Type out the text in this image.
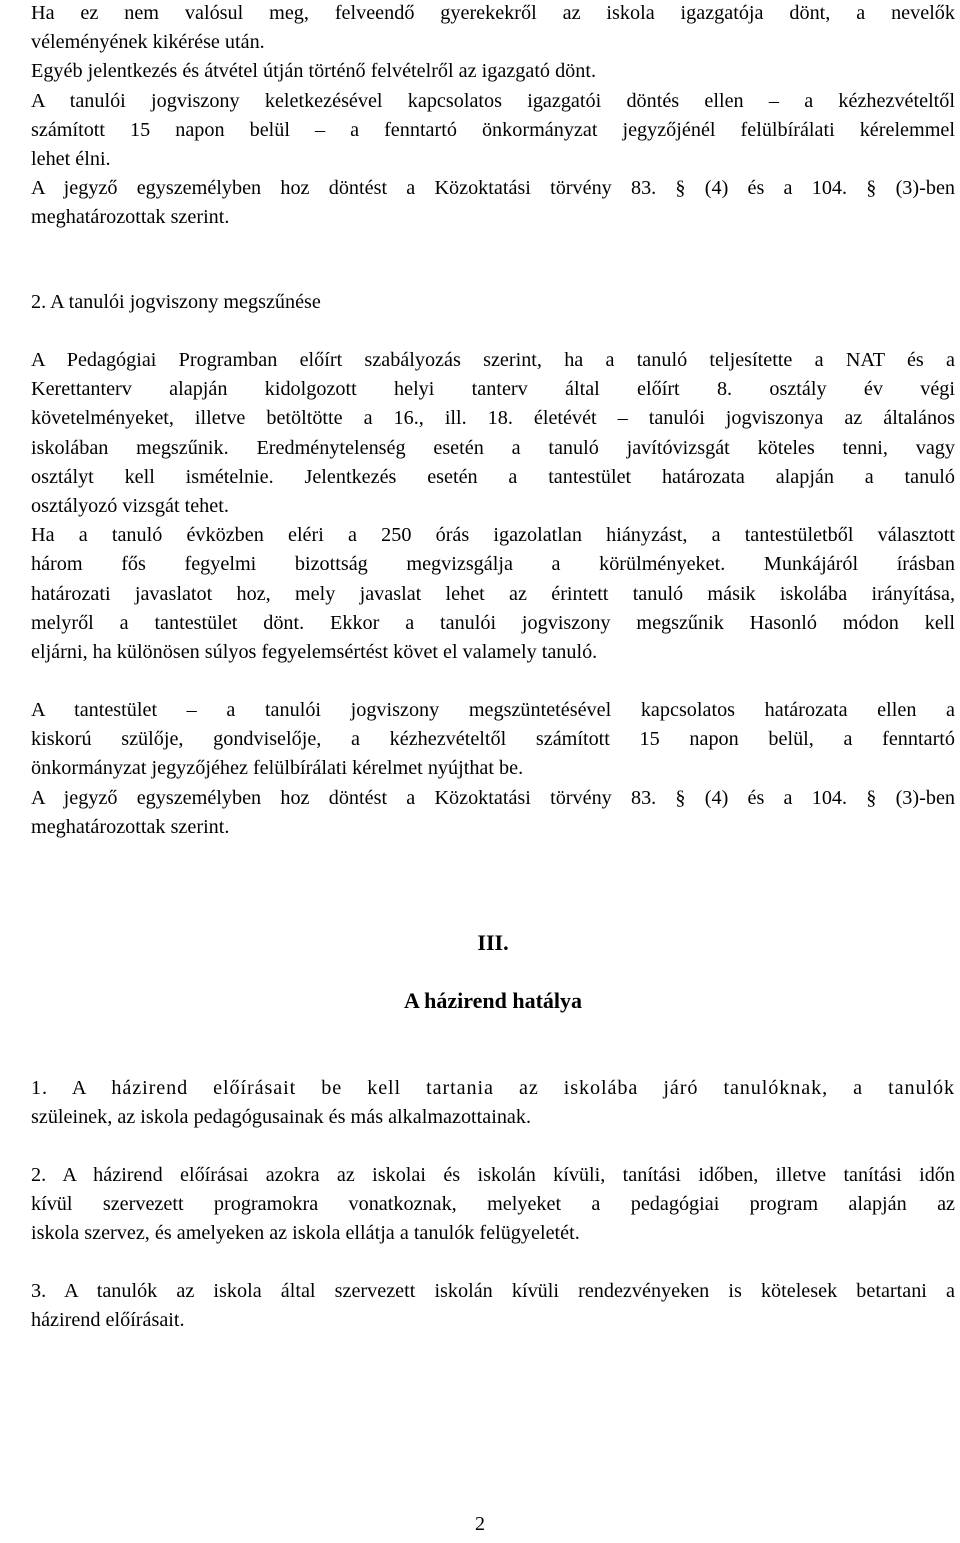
Ha ez nem valósul meg, felveendő gyerekekről az iskola igazgatója dönt, a nevelők
véleményének kikérése után.
Egyéb jelentkezés és átvétel útján történő felvételről az igazgató dönt.
A tanulói jogviszony keletkezésével kapcsolatos igazgatói döntés ellen – a kézhezvételtől
számított 15 napon belül – a fenntartó önkormányzat jegyzőjénél felülbírálati kérelemmel
lehet élni.
A jegyző egyszemélyben hoz döntést a Közoktatási törvény 83. § (4) és a 104. § (3)-ben
meghatározottak szerint.
2. A tanulói jogviszony megszűnése
A Pedagógiai Programban előírt szabályozás szerint, ha a tanuló teljesítette a NAT és a
Kerettanterv alapján kidolgozott helyi tanterv által előírt 8. osztály év végi
követelményeket, illetve betöltötte a 16., ill. 18. életévét – tanulói jogviszonya az általános
iskolában megszűnik. Eredménytelenség esetén a tanuló javítóvizsgát köteles tenni, vagy
osztályt kell ismételnie. Jelentkezés esetén a tantestület határozata alapján a tanuló
osztályozó vizsgát tehet.
Ha a tanuló évközben eléri a 250 órás igazolatlan hiányzást, a tantestületből választott
három fős fegyelmi bizottság megvizsgálja a körülményeket. Munkájáról írásban
határozati javaslatot hoz, mely javaslat lehet az érintett tanuló másik iskolába irányítása,
melyről a tantestület dönt. Ekkor a tanulói jogviszony megszűnik Hasonló módon kell
eljárni, ha különösen súlyos fegyelemsértést követ el valamely tanuló.
A tantestület – a tanulói jogviszony megszüntetésével kapcsolatos határozata ellen a
kiskorú szülője, gondviselője, a kézhezvételtől számított 15 napon belül, a fenntartó
önkormányzat jegyzőjéhez felülbírálati kérelmet nyújthat be.
A jegyző egyszemélyben hoz döntést a Közoktatási törvény 83. § (4) és a 104. § (3)-ben
meghatározottak szerint.
III.
A házirend hatálya
1. A házirend előírásait be kell tartania az iskolába járó tanulóknak, a tanulók
szüleinek, az iskola pedagógusainak és más alkalmazottainak.
2. A házirend előírásai azokra az iskolai és iskolán kívüli, tanítási időben, illetve tanítási időn
kívül szervezett programokra vonatkoznak, melyeket a pedagógiai program alapján az
iskola szervez, és amelyeken az iskola ellátja a tanulók felügyeletét.
3. A tanulók az iskola által szervezett iskolán kívüli rendezvényeken is kötelesek betartani a
házirend előírásait.
2
